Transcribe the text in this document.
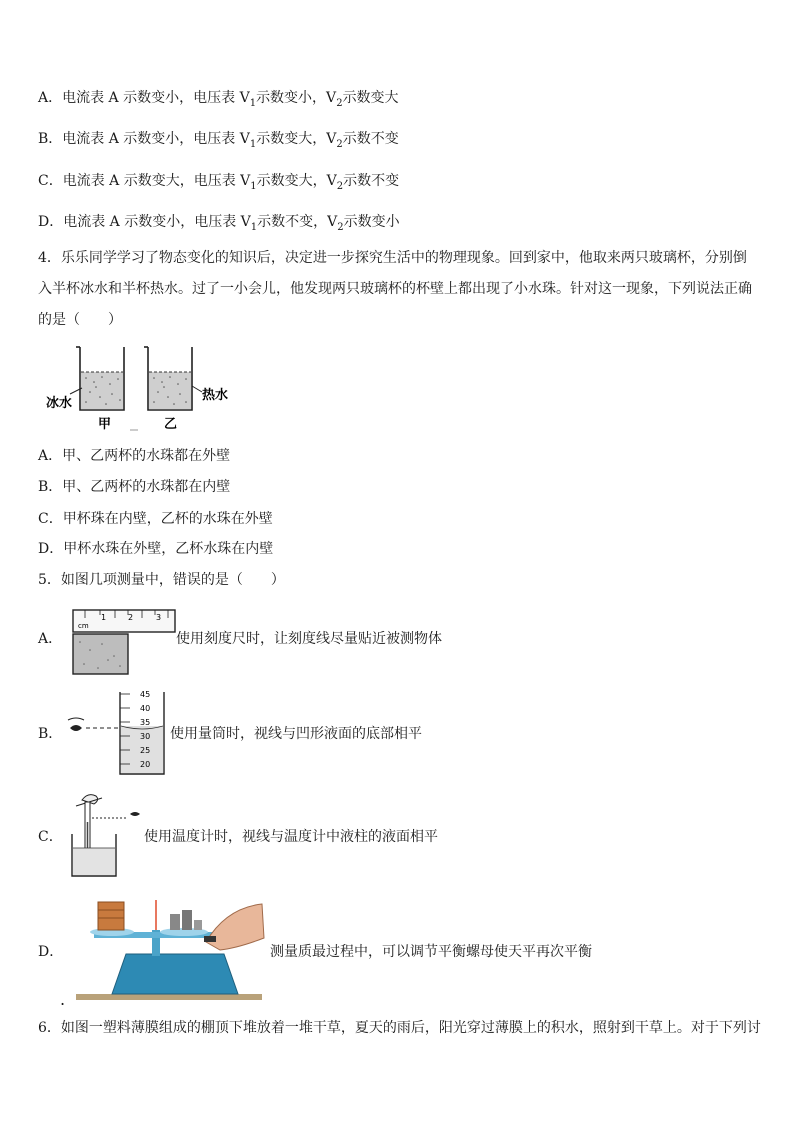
A．电流表 A 示数变小，电压表 $V_1$示数变小，$V_2$示数变大
B．电流表 A 示数变小，电压表 $V_1$示数变大，$V_2$示数不变
C．电流表 A 示数变大，电压表 $V_1$示数变大，$V_2$示数不变
D．电流表 A 示数变小，电压表 $V_1$示数不变，$V_2$示数变小
4．乐乐同学学习了物态变化的知识后，决定进一步探究生活中的物理现象。回到家中，他取来两只玻璃杯，分别倒入半杯冰水和半杯热水。过了一小会儿，他发现两只玻璃杯的杯壁上都出现了小水珠。针对这一现象，下列说法正确的是（　　）
冰水
热水
甲	乙
A．甲、乙两杯的水珠都在外壁
B．甲、乙两杯的水珠都在内壁
C．甲杯珠在内壁，乙杯的水珠在外壁
D．甲杯水珠在外壁，乙杯水珠在内壁
5．如图几项测量中，错误的是（　　）
A．
cm
1	2	3
使用刻度尺时，让刻度线尽量贴近被测物体
B．
45
40
35
30
25
20
使用量筒时，视线与凹形液面的底部相平
C．	使用温度计时，视线与温度计中液柱的液面相平
D．	测量质最过程中，可以调节平衡螺母使天平再次平衡
.
6．如图一塑料薄膜组成的棚顶下堆放着一堆干草，夏天的雨后，阳光穿过薄膜上的积水，照射到干草上。对于下列讨
